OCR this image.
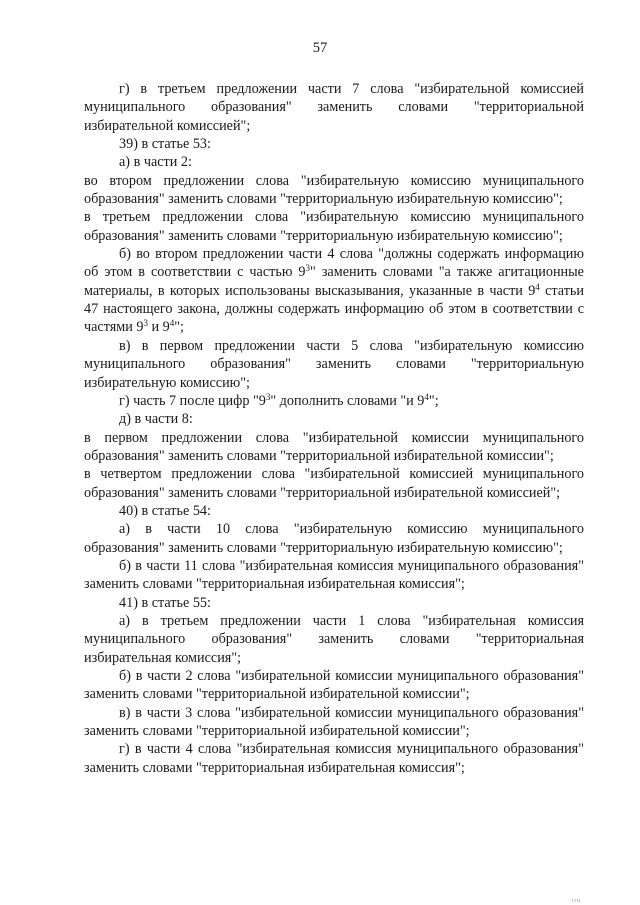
57

г) в третьем предложении части 7 слова "избирательной комиссией муниципального образования" заменить словами "территориальной избирательной комиссией";

39) в статье 53:

а) в части 2:

во втором предложении слова "избирательную комиссию муниципального образования" заменить словами "территориальную избирательную комиссию";

в третьем предложении слова "избирательную комиссию муниципального образования" заменить словами "территориальную избирательную комиссию";

б) во втором предложении части 4 слова "должны содержать информацию об этом в соответствии с частью $9^3$" заменить словами "а также агитационные материалы, в которых использованы высказывания, указанные в части $9^4$ статьи 47 настоящего закона, должны содержать информацию об этом в соответствии с частями $9^3$ и $9^4$";

в) в первом предложении части 5 слова "избирательную комиссию муниципального образования" заменить словами "территориальную избирательную комиссию";

г) часть 7 после цифр "$9^3$" дополнить словами "и $9^4$";

д) в части 8:

в первом предложении слова "избирательной комиссии муниципального образования" заменить словами "территориальной избирательной комиссии";

в четвертом предложении слова "избирательной комиссией муниципального образования" заменить словами "территориальной избирательной комиссией";

40) в статье 54:

а) в части 10 слова "избирательную комиссию муниципального образования" заменить словами "территориальную избирательную комиссию";

б) в части 11 слова "избирательная комиссия муниципального образования" заменить словами "территориальная избирательная комиссия";

41) в статье 55:

а) в третьем предложении части 1 слова "избирательная комиссия муниципального образования" заменить словами "территориальная избирательная комиссия";

б) в части 2 слова "избирательной комиссии муниципального образования" заменить словами "территориальной избирательной комиссии";

в) в части 3 слова "избирательной комиссии муниципального образования" заменить словами "территориальной избирательной комиссии";

г) в части 4 слова "избирательная комиссия муниципального образования" заменить словами "территориальная избирательная комиссия";

ıııı
